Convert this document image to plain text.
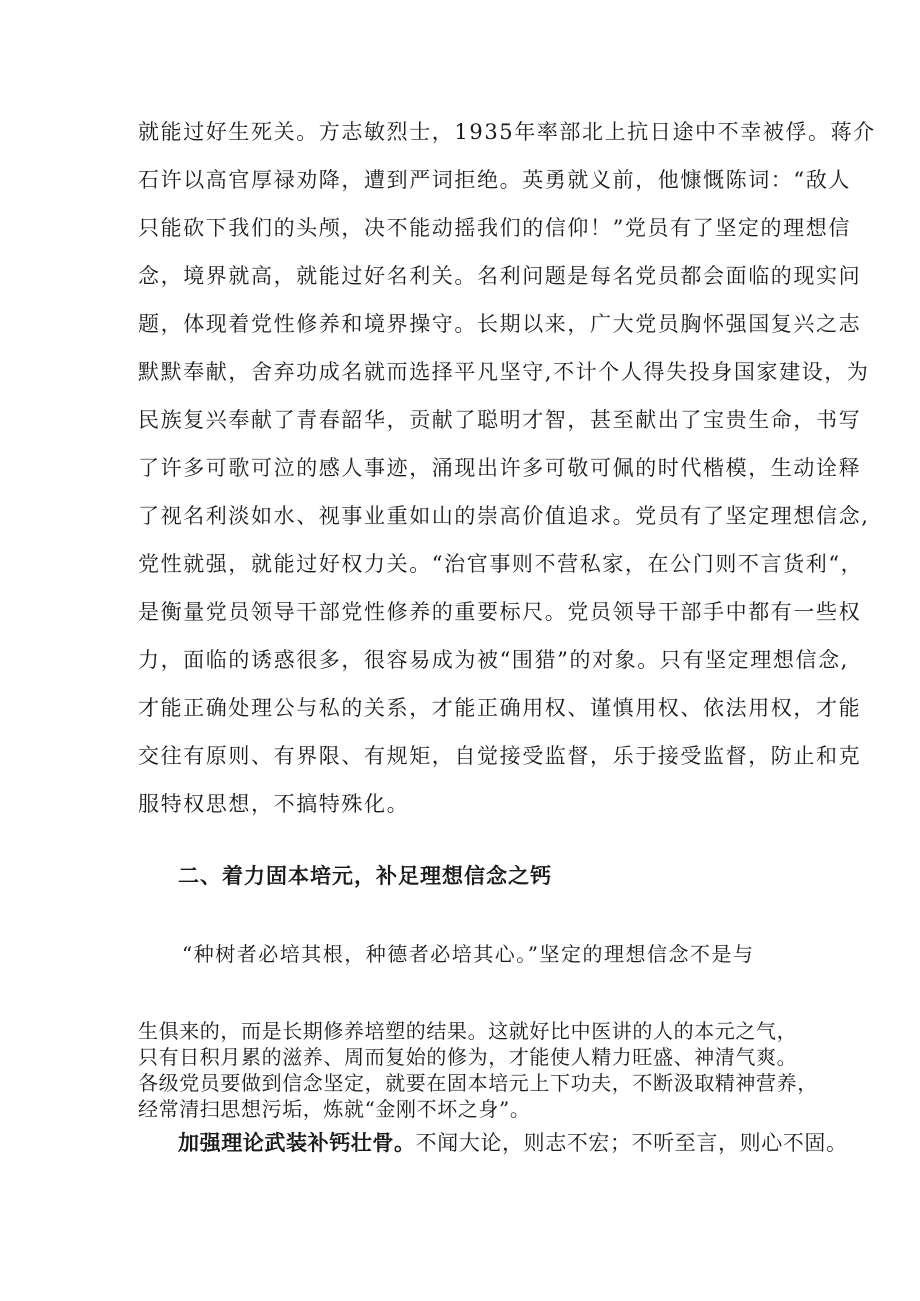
就能过好生死关。方志敏烈士，1935年率部北上抗日途中不幸被俘。蒋介
石许以高官厚禄劝降，遭到严词拒绝。英勇就义前，他慷慨陈词：“敌人
只能砍下我们的头颅，决不能动摇我们的信仰！”党员有了坚定的理想信
念，境界就高，就能过好名利关。名利问题是每名党员都会面临的现实问
题，体现着党性修养和境界操守。长期以来，广大党员胸怀强国复兴之志
默默奉献，舍弃功成名就而选择平凡坚守,不计个人得失投身国家建设，为
民族复兴奉献了青春韶华，贡献了聪明才智，甚至献出了宝贵生命，书写
了许多可歌可泣的感人事迹，涌现出许多可敬可佩的时代楷模，生动诠释
了视名利淡如水、视事业重如山的崇高价值追求。党员有了坚定理想信念,
党性就强，就能过好权力关。“治官事则不营私家，在公门则不言货利“，
是衡量党员领导干部党性修养的重要标尺。党员领导干部手中都有一些权
力，面临的诱惑很多，很容易成为被“围猎”的对象。只有坚定理想信念,
才能正确处理公与私的关系，才能正确用权、谨慎用权、依法用权，才能
交往有原则、有界限、有规矩，自觉接受监督，乐于接受监督，防止和克
服特权思想，不搞特殊化。
二、着力固本培元，补足理想信念之钙
“种树者必培其根，种德者必培其心。”坚定的理想信念不是与
生俱来的，而是长期修养培塑的结果。这就好比中医讲的人的本元之气，
只有日积月累的滋养、周而复始的修为，才能使人精力旺盛、神清气爽。
各级党员要做到信念坚定，就要在固本培元上下功夫，不断汲取精神营养，
经常清扫思想污垢，炼就“金刚不坏之身”。
加强理论武装补钙壮骨。不闻大论，则志不宏；不听至言，则心不固。
